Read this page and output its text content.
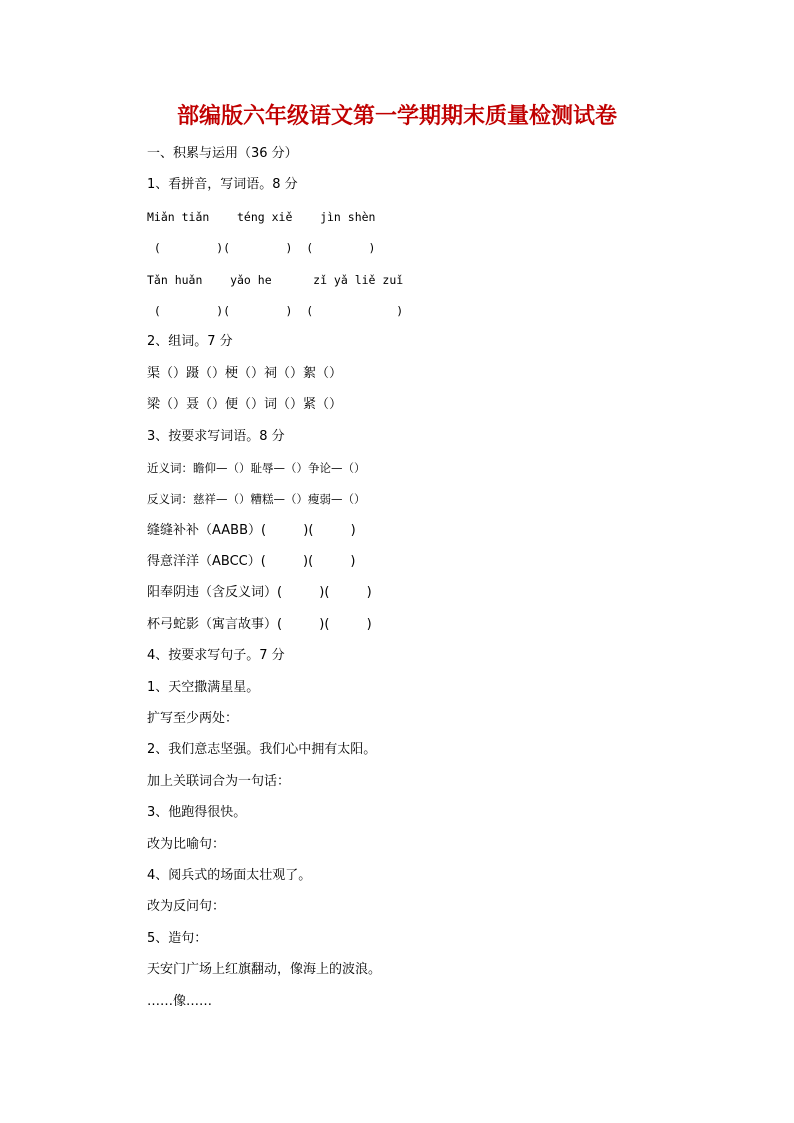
部编版六年级语文第一学期期末质量检测试卷
一、积累与运用（36 分）
1、看拼音，写词语。8 分
Miǎn tiǎn    téng xiě    jìn shèn
(        )(        )  (        )
Tǎn huǎn    yǎo he      zǐ yǎ liě zuǐ
(        )(        )  (            )
2、组词。7 分
渠（）蹑（）梗（）祠（）絮（）
梁（）聂（）便（）词（）紧（）
3、按要求写词语。8 分
近义词：瞻仰—（）耻辱—（）争论—（）
反义词：慈祥—（）糟糕—（）瘦弱—（）
缝缝补补（AABB）(         )(         )
得意洋洋（ABCC）(         )(         )
阳奉阴违（含反义词）(         )(         )
杯弓蛇影（寓言故事）(         )(         )
4、按要求写句子。7 分
1、天空撒满星星。
扩写至少两处：
2、我们意志坚强。我们心中拥有太阳。
加上关联词合为一句话：
3、他跑得很快。
改为比喻句：
4、阅兵式的场面太壮观了。
改为反问句：
5、造句：
天安门广场上红旗翻动，像海上的波浪。
……像……
